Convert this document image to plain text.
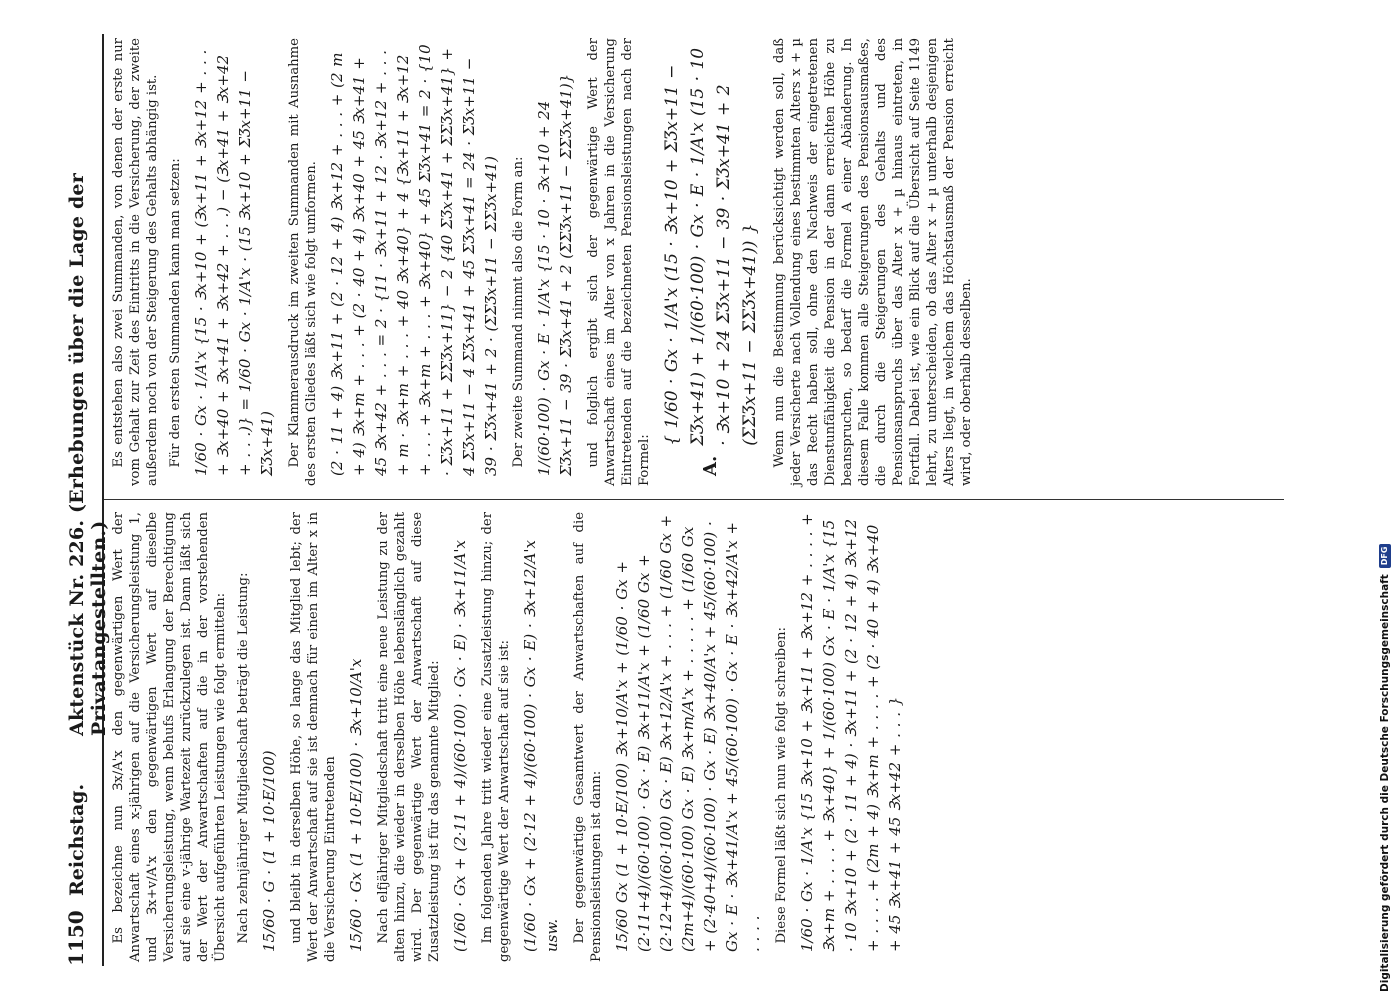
1150
Reichstag.
Aktenstück Nr. 226. (Erhebungen über die Lage der Privatangestellten.) Es bezeichne nun Ɜx/A'x den gegenwärtigen Wert der Anwartschaft eines x-jährigen auf die Versicherungsleistung 1, und Ɜx+v/A'x den gegenwärtigen Wert auf dieselbe Versicherungsleistung, wenn behufs Erlangung der Berechtigung auf sie eine v-jährige Wartezeit zurückzulegen ist. Dann läßt sich der Wert der Anwartschaften auf die in der vorstehenden Übersicht aufgeführten Leistungen wie folgt ermitteln: Nach zehnjähriger Mitgliedschaft beträgt die Leistung: 15/60 · G · (1 + 10·E/100) und bleibt in derselben Höhe, so lange das Mitglied lebt; der Wert der Anwartschaft auf sie ist demnach für einen im Alter x in die Versicherung Eintretenden 15/60 · Gx (1 + 10·E/100) · Ɜx+10/A'x Nach elfjähriger Mitgliedschaft tritt eine neue Leistung zu der alten hinzu, die wieder in derselben Höhe lebenslänglich gezahlt wird. Der gegenwärtige Wert der Anwartschaft auf diese Zusatzleistung ist für das genannte Mitglied: (1/60 · Gx + (2·11 + 4)/(60·100) · Gx · E) · Ɜx+11/A'x Im folgenden Jahre tritt wieder eine Zusatzleistung hinzu; der gegenwärtige Wert der Anwartschaft auf sie ist: (1/60 · Gx + (2·12 + 4)/(60·100) · Gx · E) · Ɜx+12/A'x   usw. Der gegenwärtige Gesamtwert der Anwartschaften auf die Pensionsleistungen ist dann: 15/60 Gx (1 + 10·E/100) Ɜx+10/A'x + (1/60 · Gx + (2·11+4)/(60·100) · Gx · E) Ɜx+11/A'x + (1/60 Gx + (2·12+4)/(60·100) Gx · E) Ɜx+12/A'x + . . . + (1/60 Gx + (2m+4)/(60·100) Gx · E) Ɜx+m/A'x + . . . . . + (1/60 Gx + (2·40+4)/(60·100) · Gx · E) Ɜx+40/A'x + 45/(60·100) · Gx · E · Ɜx+41/A'x + 45/(60·100) · Gx · E · Ɜx+42/A'x + . . . . Diese Formel läßt sich nun wie folgt schreiben: 1/60 · Gx · 1/A'x {15 Ɜx+10 + Ɜx+11 + Ɜx+12 + . . . . + Ɜx+m + . . . . + Ɜx+40} + 1/(60·100) Gx · E · 1/A'x {15 · 10 Ɜx+10 + (2 · 11 + 4) · Ɜx+11 + (2 · 12 + 4) Ɜx+12 + . . . . + (2m + 4) Ɜx+m + . . . . + (2 · 40 + 4) Ɜx+40 + 45 Ɜx+41 + 45 Ɜx+42 + . . . }

Es entstehen also zwei Summanden, von denen der erste nur vom Gehalt zur Zeit des Eintritts in die Versicherung, der zweite außerdem noch von der Steigerung des Gehalts abhängig ist. Für den ersten Summanden kann man setzen: 1/60 · Gx · 1/A'x {15 · Ɜx+10 + (Ɜx+11 + Ɜx+12 + . . . + Ɜx+40 + Ɜx+41 + Ɜx+42 + . . .) − (Ɜx+41 + Ɜx+42 + . . .)} = 1/60 · Gx · 1/A'x · (15 Ɜx+10 + ΣƷx+11 − ΣƷx+41) Der Klammerausdruck im zweiten Summanden mit Ausnahme des ersten Gliedes läßt sich wie folgt umformen. (2 · 11 + 4) Ɜx+11 + (2 · 12 + 4) Ɜx+12 + . . . + (2 m + 4) Ɜx+m + . . . + (2 · 40 + 4) Ɜx+40 + 45 Ɜx+41 + 45 Ɜx+42 + . . . = 2 · {11 · Ɜx+11 + 12 · Ɜx+12 + . . . + m · Ɜx+m + . . . + 40 Ɜx+40} + 4 {Ɜx+11 + Ɜx+12 + . . . + Ɜx+m + . . . + Ɜx+40} + 45 ΣƷx+41 = 2 · {10 · ΣƷx+11 + ΣΣƷx+11} − 2 {40 ΣƷx+41 + ΣΣƷx+41} + 4 ΣƷx+11 − 4 ΣƷx+41 + 45 ΣƷx+41 = 24 · ΣƷx+11 − 39 · ΣƷx+41 + 2 · (ΣΣƷx+11 − ΣΣƷx+41) Der zweite Summand nimmt also die Form an: 1/(60·100) · Gx · E · 1/A'x {15 · 10 · Ɜx+10 + 24 ΣƷx+11 − 39 · ΣƷx+41 + 2 (ΣΣƷx+11 − ΣΣƷx+41)} und folglich ergibt sich der gegenwärtige Wert der Anwartschaft eines im Alter von x Jahren in die Versicherung Eintretenden auf die bezeichneten Pensionsleistungen nach der Formel:	A.
{ 1/60 · Gx · 1/A'x (15 · Ɜx+10 + ΣƷx+11 − ΣƷx+41) + 1/(60·100) · Gx · E · 1/A'x (15 · 10 · Ɜx+10 + 24 ΣƷx+11 − 39 · ΣƷx+41 + 2 (ΣΣƷx+11 − ΣΣƷx+41)) } Wenn nun die Bestimmung berücksichtigt werden soll, daß jeder Versicherte nach Vollendung eines bestimmten Alters x + µ das Recht haben soll, ohne den Nachweis der eingetretenen Dienstunfähigkeit die Pension in der dann erreichten Höhe zu beanspruchen, so bedarf die Formel A einer Abänderung. In diesem Falle kommen alle Steigerungen des Pensionsausmaßes, die durch die Steigerungen des Gehalts und des Pensionsanspruchs über das Alter x + µ hinaus eintreten, in Fortfall. Dabei ist, wie ein Blick auf die Übersicht auf Seite 1149 lehrt, zu unterscheiden, ob das Alter x + µ unterhalb desjenigen Alters liegt, in welchem das Höchstausmaß der Pension erreicht wird, oder oberhalb desselben.

Digitalisierung gefördert durch die Deutsche Forschungsgemeinschaft
DFG
